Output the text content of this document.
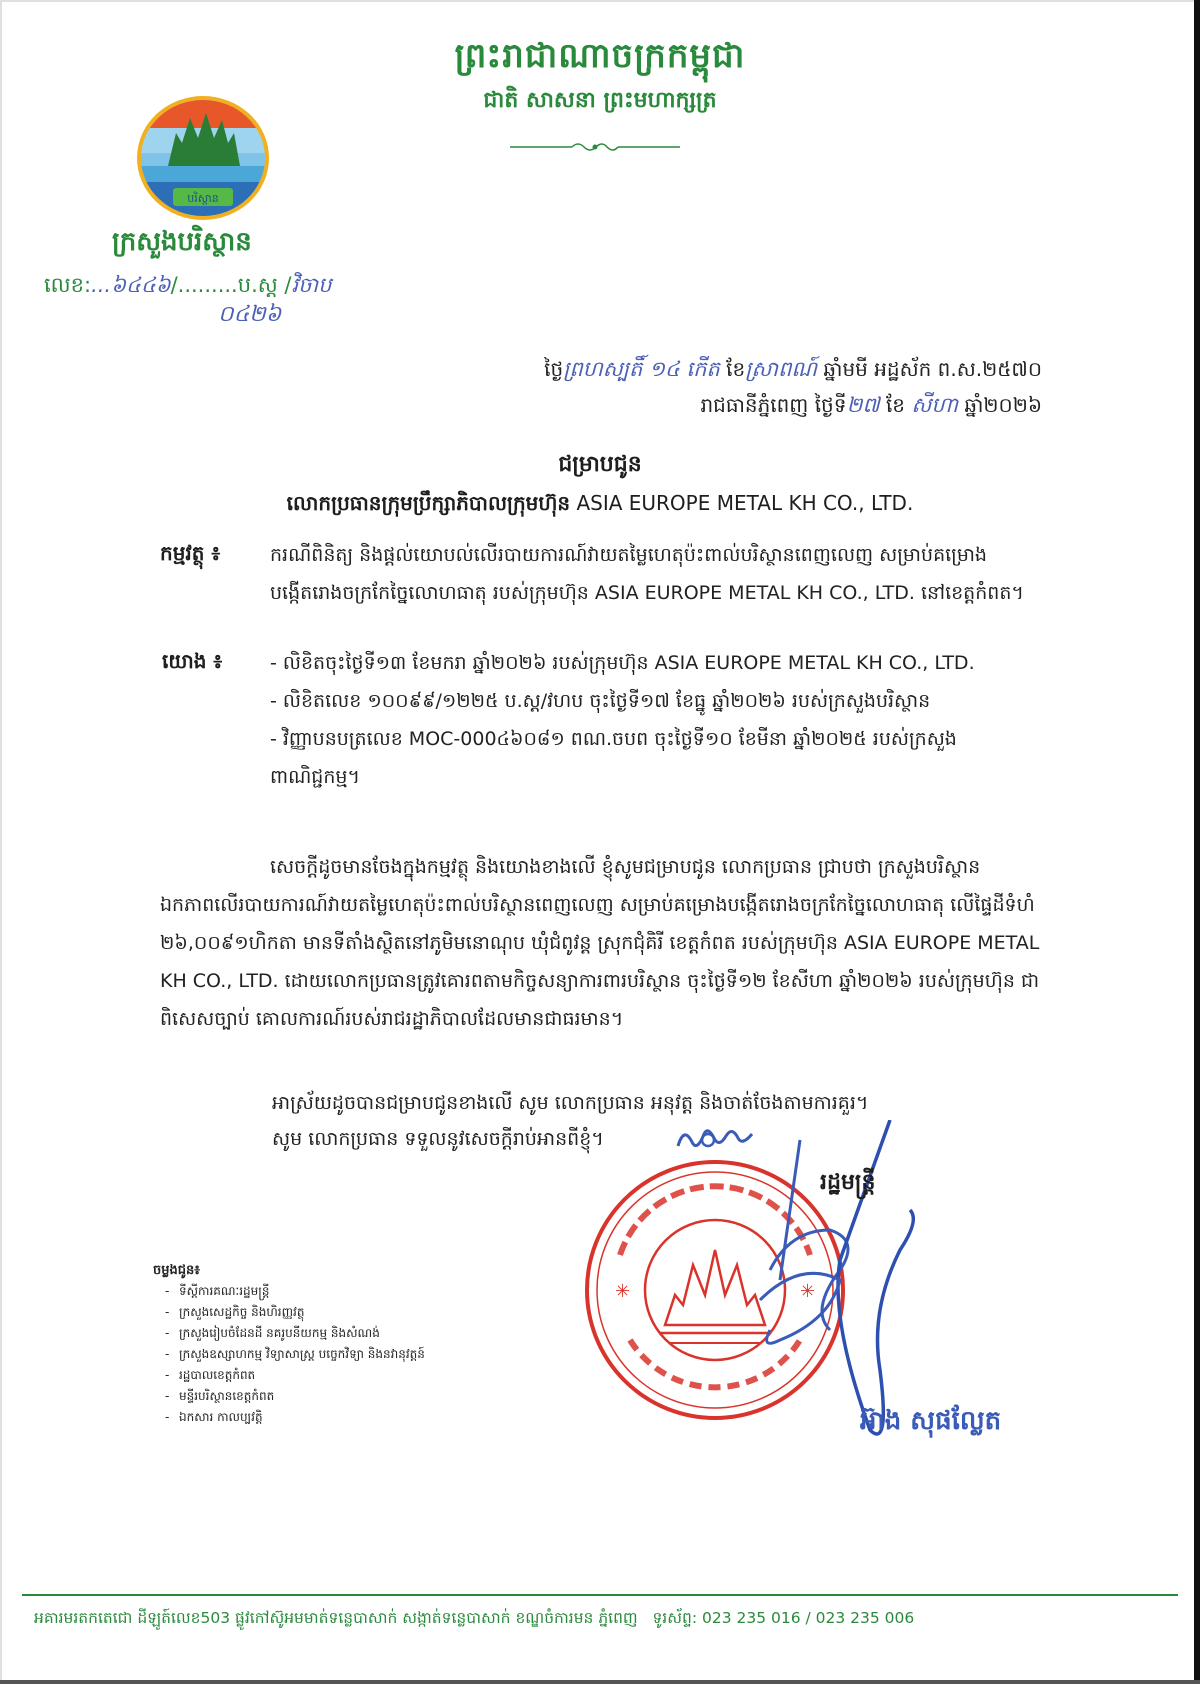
ព្រះរាជាណាចក្រកម្ពុជា
ជាតិ សាសនា ព្រះមហាក្សត្រ
បរិស្ថាន
ក្រសួងបរិស្ថាន
លេខ:...៦៤៤៦/.........ប.ស្ត /វិចាប
០៤២៦
ថ្ងៃព្រហស្បតិ៍ ១៤ កើត ខែស្រាពណ៍ ឆ្នាំមមី អដ្ឋស័ក ព.ស.២៥៧០
រាជធានីភ្នំពេញ ថ្ងៃទី២៧ ខែ សីហា ឆ្នាំ២០២៦
ជម្រាបជូន
លោកប្រធានក្រុមប្រឹក្សាភិបាលក្រុមហ៊ុន ASIA EUROPE METAL KH CO., LTD.
កម្មវត្ថុ ៖	ករណីពិនិត្យ និងផ្តល់យោបល់លើរបាយការណ៍វាយតម្លៃហេតុប៉ះពាល់បរិស្ថានពេញលេញ សម្រាប់គម្រោងបង្កើតរោងចក្រកែច្នៃលោហធាតុ របស់ក្រុមហ៊ុន ASIA EUROPE METAL KH CO., LTD. នៅខេត្តកំពត។
យោង ៖	- លិខិតចុះថ្ងៃទី១៣ ខែមករា ឆ្នាំ២០២៦ របស់ក្រុមហ៊ុន ASIA EUROPE METAL KH CO., LTD.

- លិខិតលេខ ១០០៩៩/១២២៥ ប.ស្ត/វហប ចុះថ្ងៃទី១៧ ខែធ្នូ ឆ្នាំ២០២៦ របស់ក្រសួងបរិស្ថាន

- វិញ្ញាបនបត្រលេខ MOC-000៤៦០៨១ ពណ.ចបព ចុះថ្ងៃទី១០ ខែមីនា ឆ្នាំ២០២៥ របស់ក្រសួងពាណិជ្ជកម្ម។

សេចក្តីដូចមានចែងក្នុងកម្មវត្ថុ និងយោងខាងលើ ខ្ញុំសូមជម្រាបជូន លោកប្រធាន ជ្រាបថា ក្រសួងបរិស្ថានឯកភាពលើរបាយការណ៍វាយតម្លៃហេតុប៉ះពាល់បរិស្ថានពេញលេញ សម្រាប់គម្រោងបង្កើតរោងចក្រកែច្នៃលោហធាតុ លើផ្ទៃដីទំហំ ២៦,០០៩១ហិកតា មានទីតាំងស្ថិតនៅភូមិមនោណុប ឃុំជំពូវន្ត ស្រុកជុំគិរី ខេត្តកំពត របស់ក្រុមហ៊ុន ASIA EUROPE METAL KH CO., LTD. ដោយលោកប្រធានត្រូវគោរពតាមកិច្ចសន្យាការពារបរិស្ថាន ចុះថ្ងៃទី១២ ខែសីហា ឆ្នាំ២០២៦ របស់ក្រុមហ៊ុន ជាពិសេសច្បាប់ គោលការណ៍របស់រាជរដ្ឋាភិបាលដែលមានជាធរមាន។
អាស្រ័យដូចបានជម្រាបជូនខាងលើ សូម លោកប្រធាន អនុវត្ត និងចាត់ចែងតាមការគួរ។
សូម លោកប្រធាន ទទួលនូវសេចក្តីរាប់អានពីខ្ញុំ។
✳	✳
រដ្ឋមន្ត្រី
អ៊ាង សុផល្លែត
ចម្លងជូន៖
- ទីស្តីការគណៈរដ្ឋមន្ត្រី
- ក្រសួងសេដ្ឋកិច្ច និងហិរញ្ញវត្ថុ
- ក្រសួងរៀបចំដែនដី នគរូបនីយកម្ម និងសំណង់
- ក្រសួងឧស្សាហកម្ម វិទ្យាសាស្ត្រ បច្ចេកវិទ្យា និងនវានុវត្តន៍
- រដ្ឋបាលខេត្តកំពត
- មន្ទីរបរិស្ថានខេត្តកំពត
- ឯកសារ កាលប្បវត្តិ
អគារមរតកតេជោ ដីឡូត៍លេខ503 ផ្លូវកៅស៊ូអមមាត់ទន្លេបាសាក់ សង្កាត់ទន្លេបាសាក់ ខណ្ឌចំការមន ភ្នំពេញ ទូរស័ព្ទ: 023 235 016 / 023 235 006
